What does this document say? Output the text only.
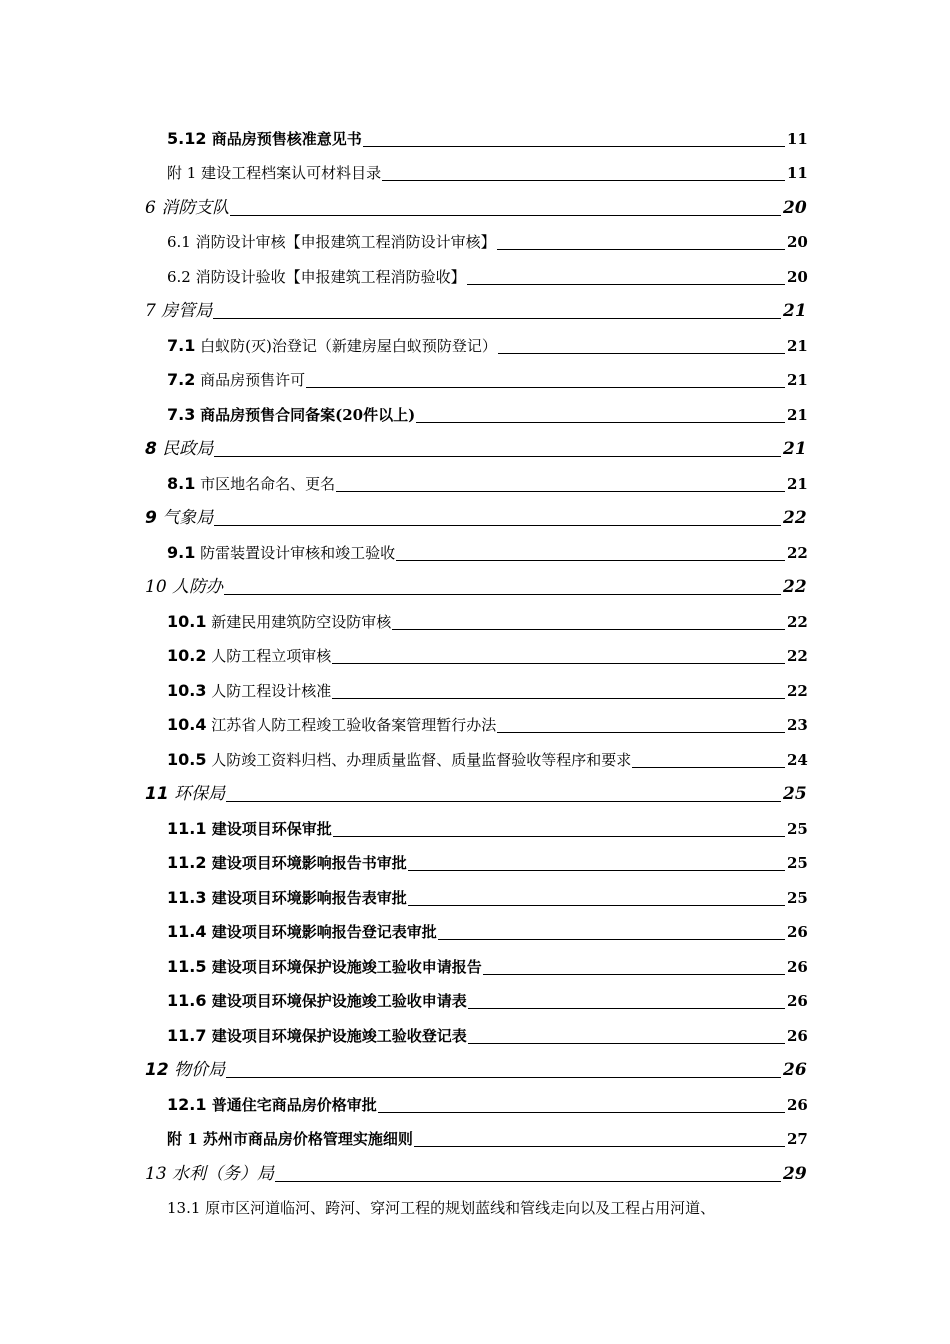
5.12 商品房预售核准意见书	11
附 1 建设工程档案认可材料目录	11
6 消防支队	20
6.1 消防设计审核【申报建筑工程消防设计审核】	20
6.2 消防设计验收【申报建筑工程消防验收】	20
7 房管局	21
7.1 白蚁防(灭)治登记（新建房屋白蚁预防登记）	21
7.2 商品房预售许可	21
7.3 商品房预售合同备案(20件以上)	21
8 民政局	21
8.1 市区地名命名、更名	21
9 气象局	22
9.1 防雷装置设计审核和竣工验收	22
10 人防办	22
10.1 新建民用建筑防空设防审核	22
10.2 人防工程立项审核	22
10.3 人防工程设计核准	22
10.4 江苏省人防工程竣工验收备案管理暂行办法	23
10.5 人防竣工资料归档、办理质量监督、质量监督验收等程序和要求	24
11 环保局	25
11.1 建设项目环保审批	25
11.2 建设项目环境影响报告书审批	25
11.3 建设项目环境影响报告表审批	25
11.4 建设项目环境影响报告登记表审批	26
11.5 建设项目环境保护设施竣工验收申请报告	26
11.6 建设项目环境保护设施竣工验收申请表	26
11.7 建设项目环境保护设施竣工验收登记表	26
12 物价局	26
12.1 普通住宅商品房价格审批	26
附 1 苏州市商品房价格管理实施细则	27
13 水利（务）局	29
13.1 原市区河道临河、跨河、穿河工程的规划蓝线和管线走向以及工程占用河道、
